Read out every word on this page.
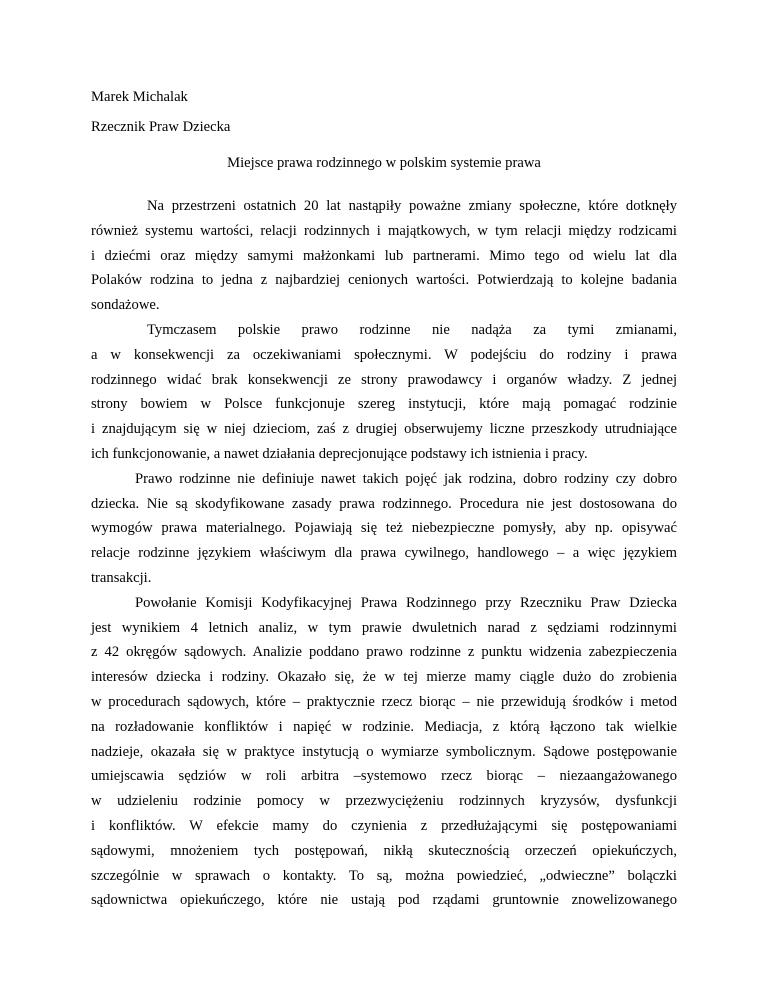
Marek Michalak
Rzecznik Praw Dziecka
Miejsce prawa rodzinnego w polskim systemie prawa

Na przestrzeni ostatnich 20 lat nastąpiły poważne zmiany społeczne, które dotknęły
również systemu wartości, relacji rodzinnych i majątkowych, w tym relacji między rodzicami
i dziećmi oraz między samymi małżonkami lub partnerami. Mimo tego od wielu lat dla
Polaków rodzina to jedna z najbardziej cenionych wartości. Potwierdzają to kolejne badania
sondażowe.

Tymczasem polskie prawo rodzinne nie nadąża za tymi zmianami,
a w konsekwencji za oczekiwaniami społecznymi. W podejściu do rodziny i prawa
rodzinnego widać brak konsekwencji ze strony prawodawcy i organów władzy. Z jednej
strony bowiem w Polsce funkcjonuje szereg instytucji, które mają pomagać rodzinie
i znajdującym się w niej dzieciom, zaś z drugiej obserwujemy liczne przeszkody utrudniające
ich funkcjonowanie, a nawet działania deprecjonujące podstawy ich istnienia i pracy.

Prawo rodzinne nie definiuje nawet takich pojęć jak rodzina, dobro rodziny czy dobro
dziecka. Nie są skodyfikowane zasady prawa rodzinnego. Procedura nie jest dostosowana do
wymogów prawa materialnego. Pojawiają się też niebezpieczne pomysły, aby np. opisywać
relacje rodzinne językiem właściwym dla prawa cywilnego, handlowego – a więc językiem
transakcji.

Powołanie Komisji Kodyfikacyjnej Prawa Rodzinnego przy Rzeczniku Praw Dziecka
jest wynikiem 4 letnich analiz, w tym prawie dwuletnich narad z sędziami rodzinnymi
z 42 okręgów sądowych. Analizie poddano prawo rodzinne z punktu widzenia zabezpieczenia
interesów dziecka i rodziny. Okazało się, że w tej mierze mamy ciągle dużo do zrobienia
w procedurach sądowych, które – praktycznie rzecz biorąc – nie przewidują środków i metod
na rozładowanie konfliktów i napięć w rodzinie. Mediacja, z którą łączono tak wielkie
nadzieje, okazała się w praktyce instytucją o wymiarze symbolicznym. Sądowe postępowanie
umiejscawia sędziów w roli arbitra –systemowo rzecz biorąc – niezaangażowanego
w udzieleniu rodzinie pomocy w przezwyciężeniu rodzinnych kryzysów, dysfunkcji
i konfliktów. W efekcie mamy do czynienia z przedłużającymi się postępowaniami
sądowymi, mnożeniem tych postępowań, nikłą skutecznością orzeczeń opiekuńczych,
szczególnie w sprawach o kontakty. To są, można powiedzieć, „odwieczne” bolączki
sądownictwa opiekuńczego, które nie ustają pod rządami gruntownie znowelizowanego
